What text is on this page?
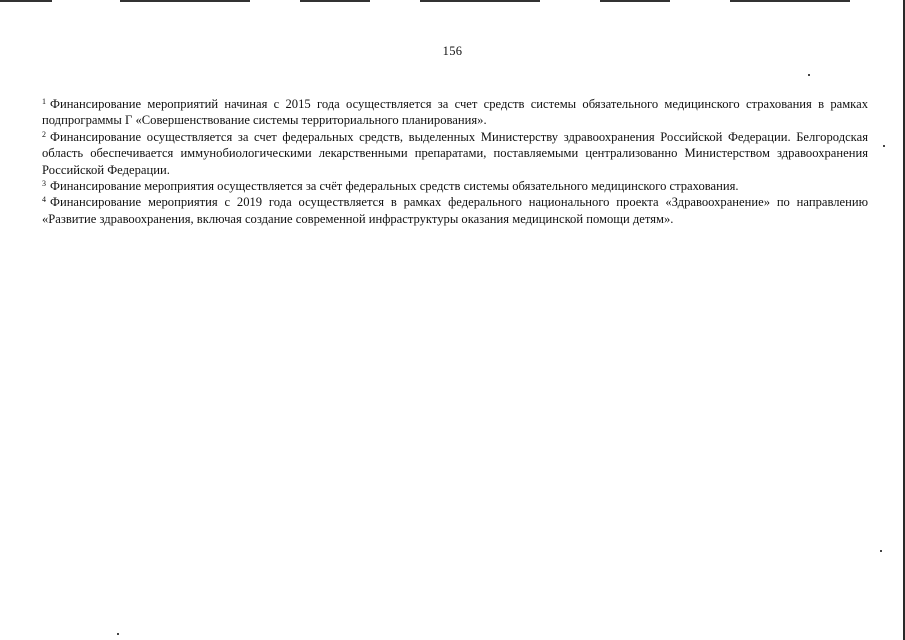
156

$^1$ Финансирование мероприятий начиная с 2015 года осуществляется за счет средств системы обязательного медицинского страхования в рамках подпрограммы Г «Совершенствование системы территориального планирования».

$^2$ Финансирование осуществляется за счет федеральных средств, выделенных Министерству здравоохранения Российской Федерации. Белгородская область обеспечивается иммунобиологическими лекарственными препаратами, поставляемыми централизованно Министерством здравоохранения Российской Федерации.

$^3$ Финансирование мероприятия осуществляется за счёт федеральных средств системы обязательного медицинского страхования.

$^4$ Финансирование мероприятия с 2019 года осуществляется в рамках федерального национального проекта «Здравоохранение» по направлению «Развитие здравоохранения, включая создание современной инфраструктуры оказания медицинской помощи детям».
